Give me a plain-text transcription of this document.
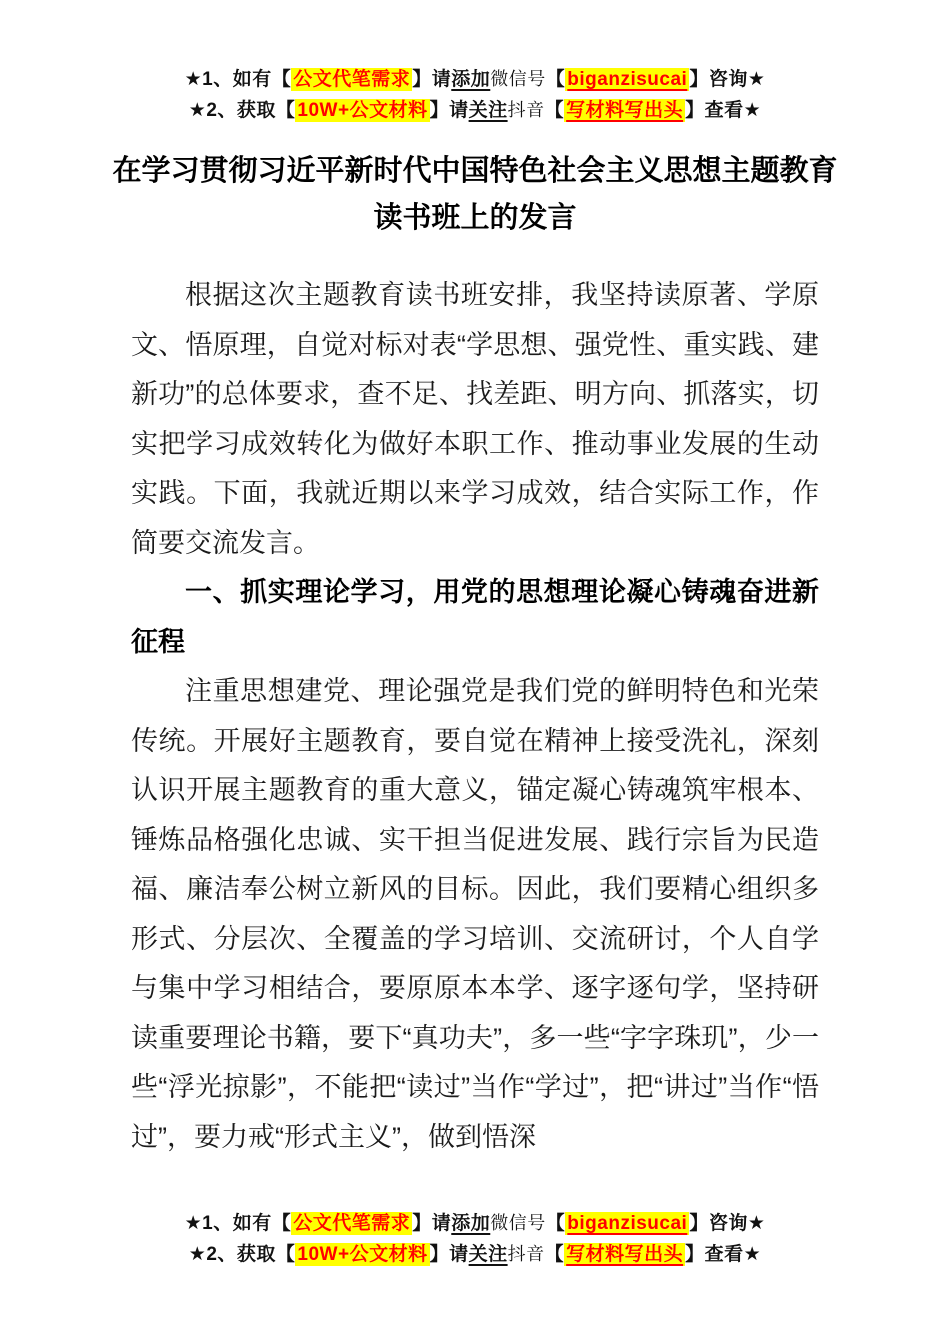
★1、如有【 公文代笔需求 】请添加微信号【 biganzisucai 】咨询★
★2、获取【 10W+公文材料 】请关注抖音【 写材料写出头 】查看★
在学习贯彻习近平新时代中国特色社会主义思想主题教育读书班上的发言

根据这次主题教育读书班安排，我坚持读原著、学原文、悟原理，自觉对标对表“学思想、强党性、重实践、建新功”的总体要求，查不足、找差距、明方向、抓落实，切实把学习成效转化为做好本职工作、推动事业发展的生动实践。下面，我就近期以来学习成效，结合实际工作，作简要交流发言。

一、抓实理论学习，用党的思想理论凝心铸魂奋进新征程

注重思想建党、理论强党是我们党的鲜明特色和光荣传统。开展好主题教育，要自觉在精神上接受洗礼，深刻认识开展主题教育的重大意义，锚定凝心铸魂筑牢根本、锤炼品格强化忠诚、实干担当促进发展、践行宗旨为民造福、廉洁奉公树立新风的目标。因此，我们要精心组织多形式、分层次、全覆盖的学习培训、交流研讨，个人自学与集中学习相结合，要原原本本学、逐字逐句学，坚持研读重要理论书籍，要下“真功夫”，多一些“字字珠玑”，少一些“浮光掠影”，不能把“读过”当作“学过”，把“讲过”当作“悟过”，要力戒“形式主义”，做到悟深

★1、如有【 公文代笔需求 】请添加微信号【 biganzisucai 】咨询★
★2、获取【 10W+公文材料 】请关注抖音【 写材料写出头 】查看★
